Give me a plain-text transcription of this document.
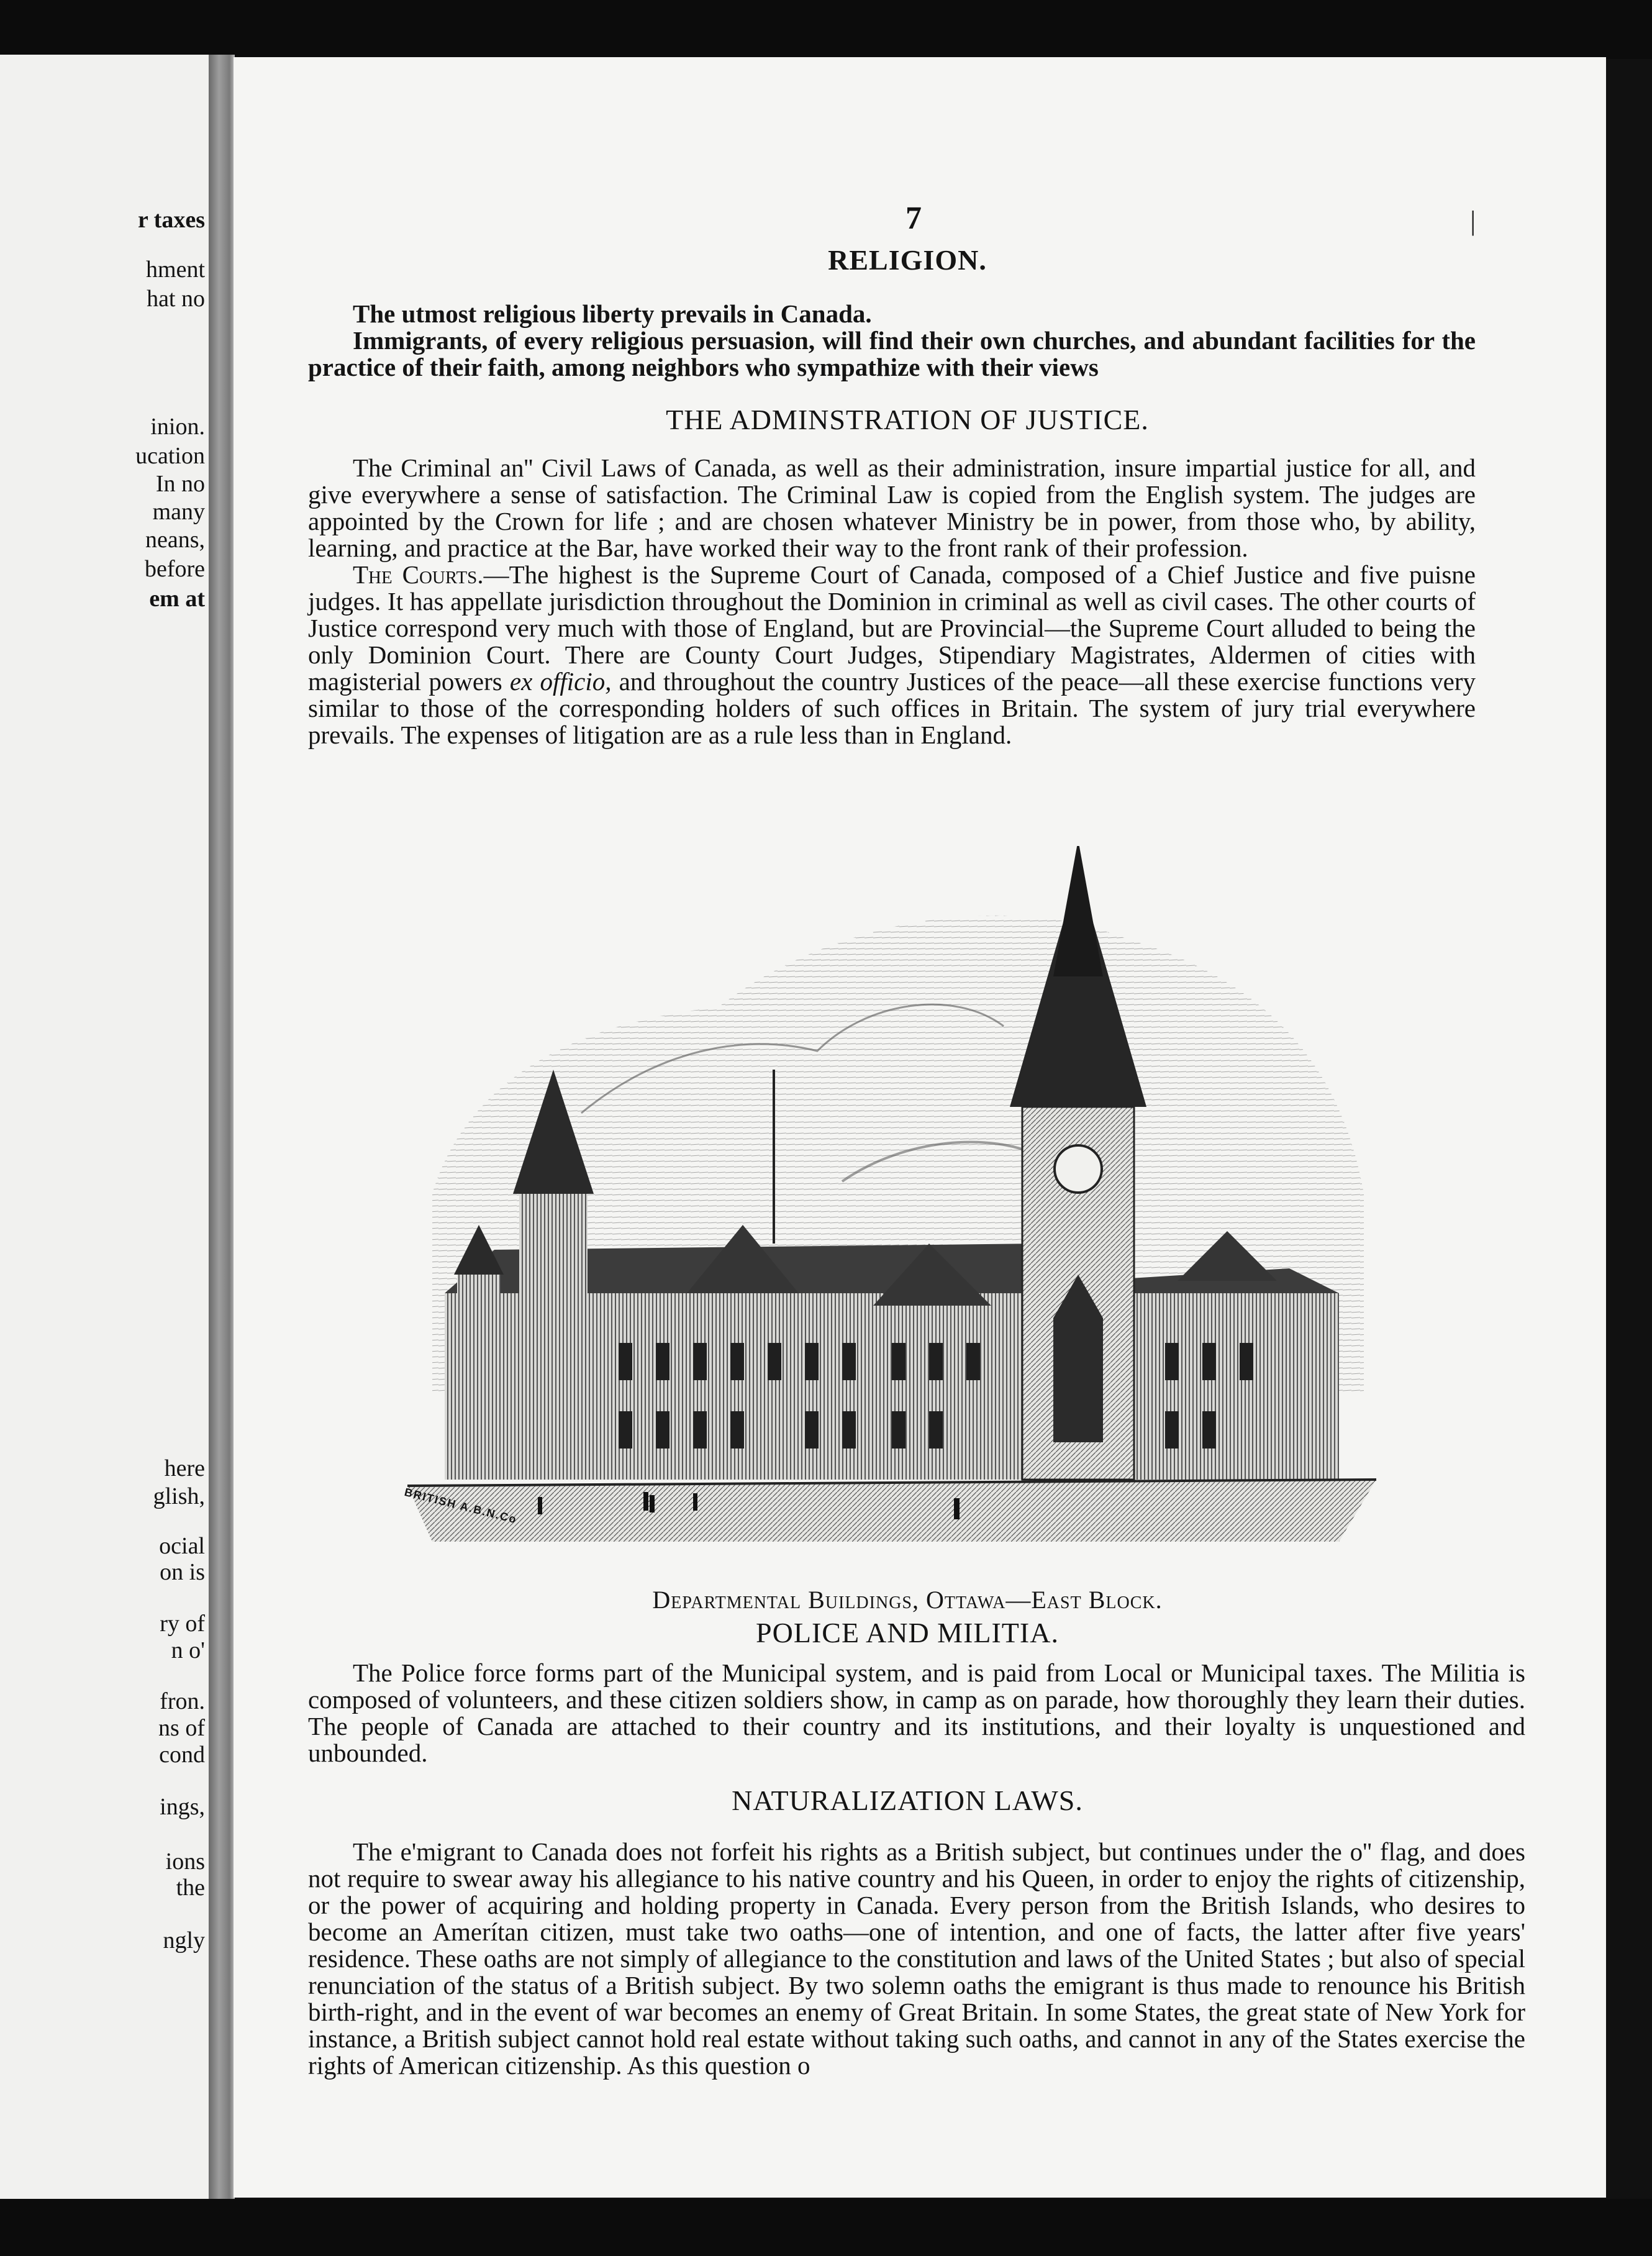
r taxes
hment
hat no
inion.
ucation
In no
many
neans,
before
em at
here
glish,
ocial
on is
ry of
n o'
fron.
ns of
cond
ings,
ions
the
ngly
7	|
RELIGION.

The utmost religious liberty prevails in Canada.

Immigrants, of every religious persuasion, will find their own churches, and abundant facilities for the practice of their faith, among neighbors who sympathize with their views

THE ADMINSTRATION OF JUSTICE.

The Criminal an'' Civil Laws of Canada, as well as their administration, insure impartial justice for all, and give everywhere a sense of satisfaction. The Criminal Law is copied from the English system. The judges are appointed by the Crown for life ; and are chosen whatever Ministry be in power, from those who, by ability, learning, and practice at the Bar, have worked their way to the front rank of their profession.

The Courts.—The highest is the Supreme Court of Canada, composed of a Chief Justice and five puisne judges. It has appellate jurisdiction throughout the Dominion in criminal as well as civil cases. The other courts of Justice correspond very much with those of England, but are Provincial—the Supreme Court alluded to being the only Dominion Court. There are County Court Judges, Stipendiary Magistrates, Aldermen of cities with magisterial powers ex officio, and throughout the country Justices of the peace—all these exercise functions very similar to those of the corresponding holders of such offices in Britain. The system of jury trial everywhere prevails. The expenses of litigation are as a rule less than in England.

BRITISH A.B.N.Co
Departmental Buildings, Ottawa—East Block.
POLICE AND MILITIA.

The Police force forms part of the Municipal system, and is paid from Local or Municipal taxes. The Militia is composed of volunteers, and these citizen soldiers show, in camp as on parade, how thoroughly they learn their duties. The people of Canada are attached to their country and its institutions, and their loyalty is unquestioned and unbounded.

NATURALIZATION LAWS.

The e'migrant to Canada does not forfeit his rights as a British subject, but continues under the o'' flag, and does not require to swear away his allegiance to his native country and his Queen, in order to enjoy the rights of citizenship, or the power of acquiring and holding property in Canada. Every person from the British Islands, who desires to become an Amerítan citizen, must take two oaths—one of intention, and one of facts, the latter after five years' residence. These oaths are not simply of allegiance to the constitution and laws of the United States ; but also of special renunciation of the status of a British subject. By two solemn oaths the emigrant is thus made to renounce his British birth-right, and in the event of war becomes an enemy of Great Britain. In some States, the great state of New York for instance, a British subject cannot hold real estate without taking such oaths, and cannot in any of the States exercise the rights of American citizenship. As this question o
